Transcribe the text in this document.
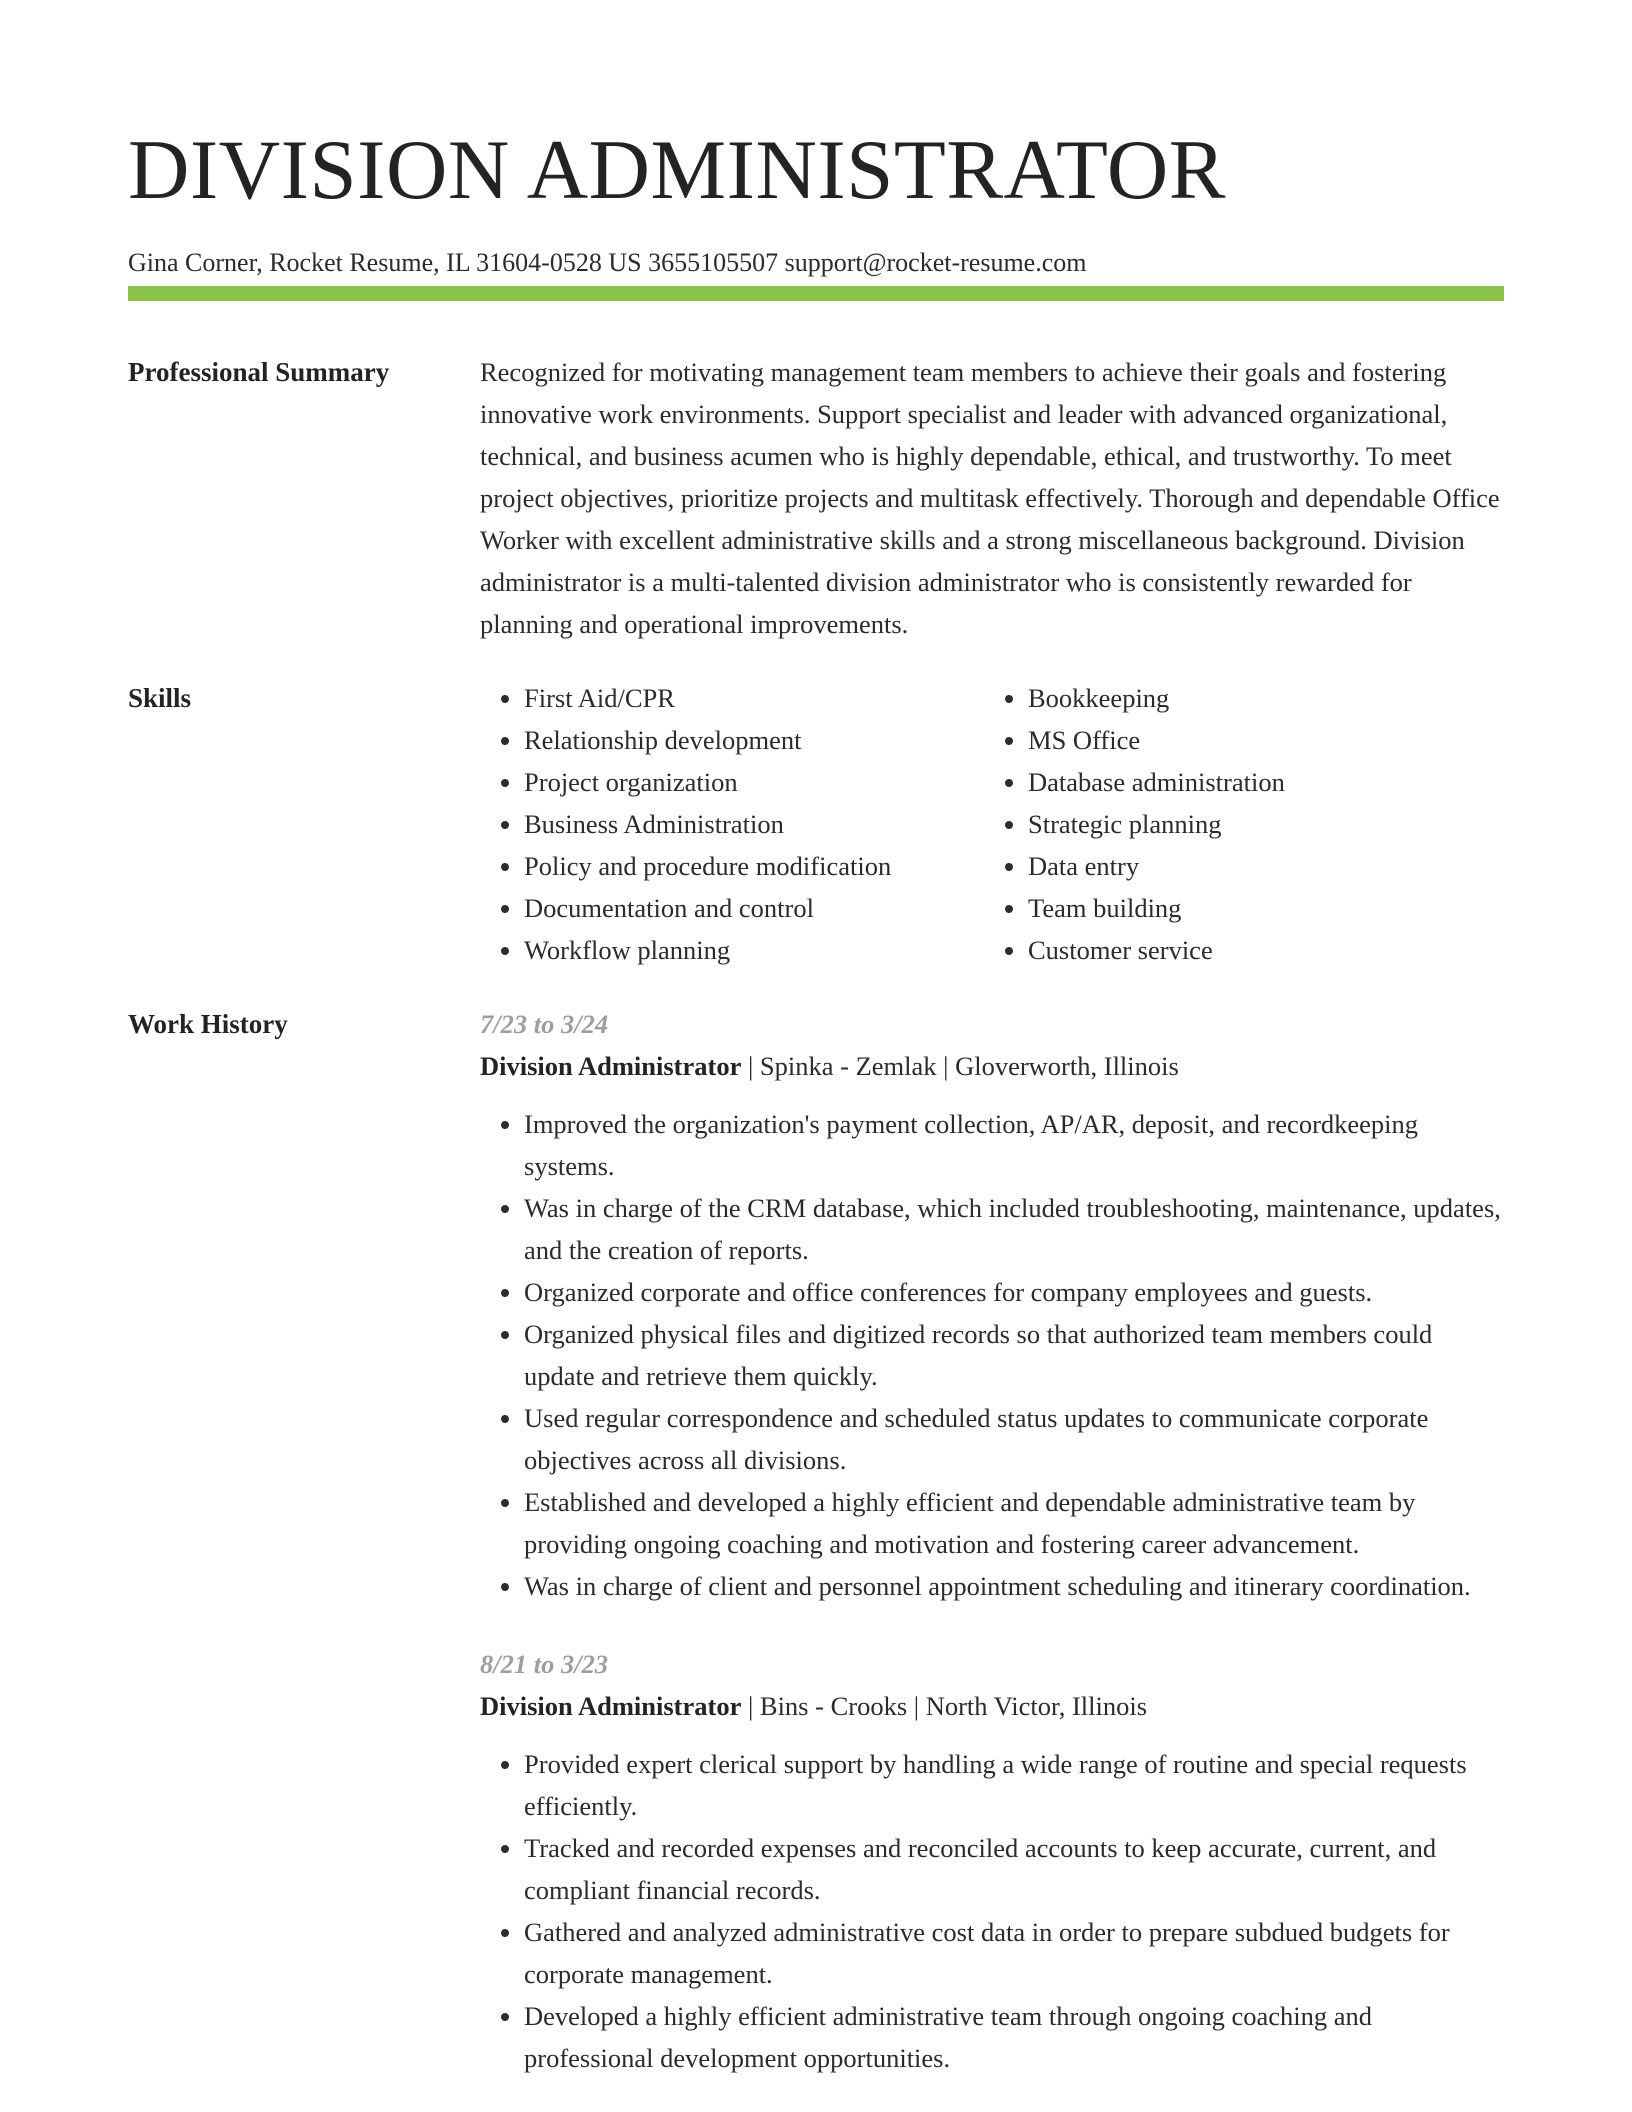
DIVISION ADMINISTRATOR
Gina Corner, Rocket Resume, IL 31604-0528 US 3655105507 support@rocket-resume.com
Professional Summary	Recognized for motivating management team members to achieve their goals and fostering innovative work environments. Support specialist and leader with advanced organizational, technical, and business acumen who is highly dependable, ethical, and trustworthy. To meet project objectives, prioritize projects and multitask effectively. Thorough and dependable Office Worker with excellent administrative skills and a strong miscellaneous background. Division administrator is a multi-talented division administrator who is consistently rewarded for planning and operational improvements.

Skills
•	First Aid/CPR
• Relationship development
• Project organization
• Business Administration
• Policy and procedure modification
• Documentation and control
• Workflow planning
• Bookkeeping
• MS Office
• Database administration
• Strategic planning
• Data entry
• Team building
• Customer service
Work History	7/23 to 3/24
Division Administrator | Spinka - Zemlak | Gloverworth, Illinois
• Improved the organization's payment collection, AP/AR, deposit, and recordkeeping systems.
• Was in charge of the CRM database, which included troubleshooting, maintenance, updates, and the creation of reports.
• Organized corporate and office conferences for company employees and guests.
• Organized physical files and digitized records so that authorized team members could update and retrieve them quickly.
• Used regular correspondence and scheduled status updates to communicate corporate objectives across all divisions.
• Established and developed a highly efficient and dependable administrative team by providing ongoing coaching and motivation and fostering career advancement.
• Was in charge of client and personnel appointment scheduling and itinerary coordination.
8/21 to 3/23
Division Administrator | Bins - Crooks | North Victor, Illinois
• Provided expert clerical support by handling a wide range of routine and special requests efficiently.
• Tracked and recorded expenses and reconciled accounts to keep accurate, current, and compliant financial records.
• Gathered and analyzed administrative cost data in order to prepare subdued budgets for corporate management.
• Developed a highly efficient administrative team through ongoing coaching and professional development opportunities.
